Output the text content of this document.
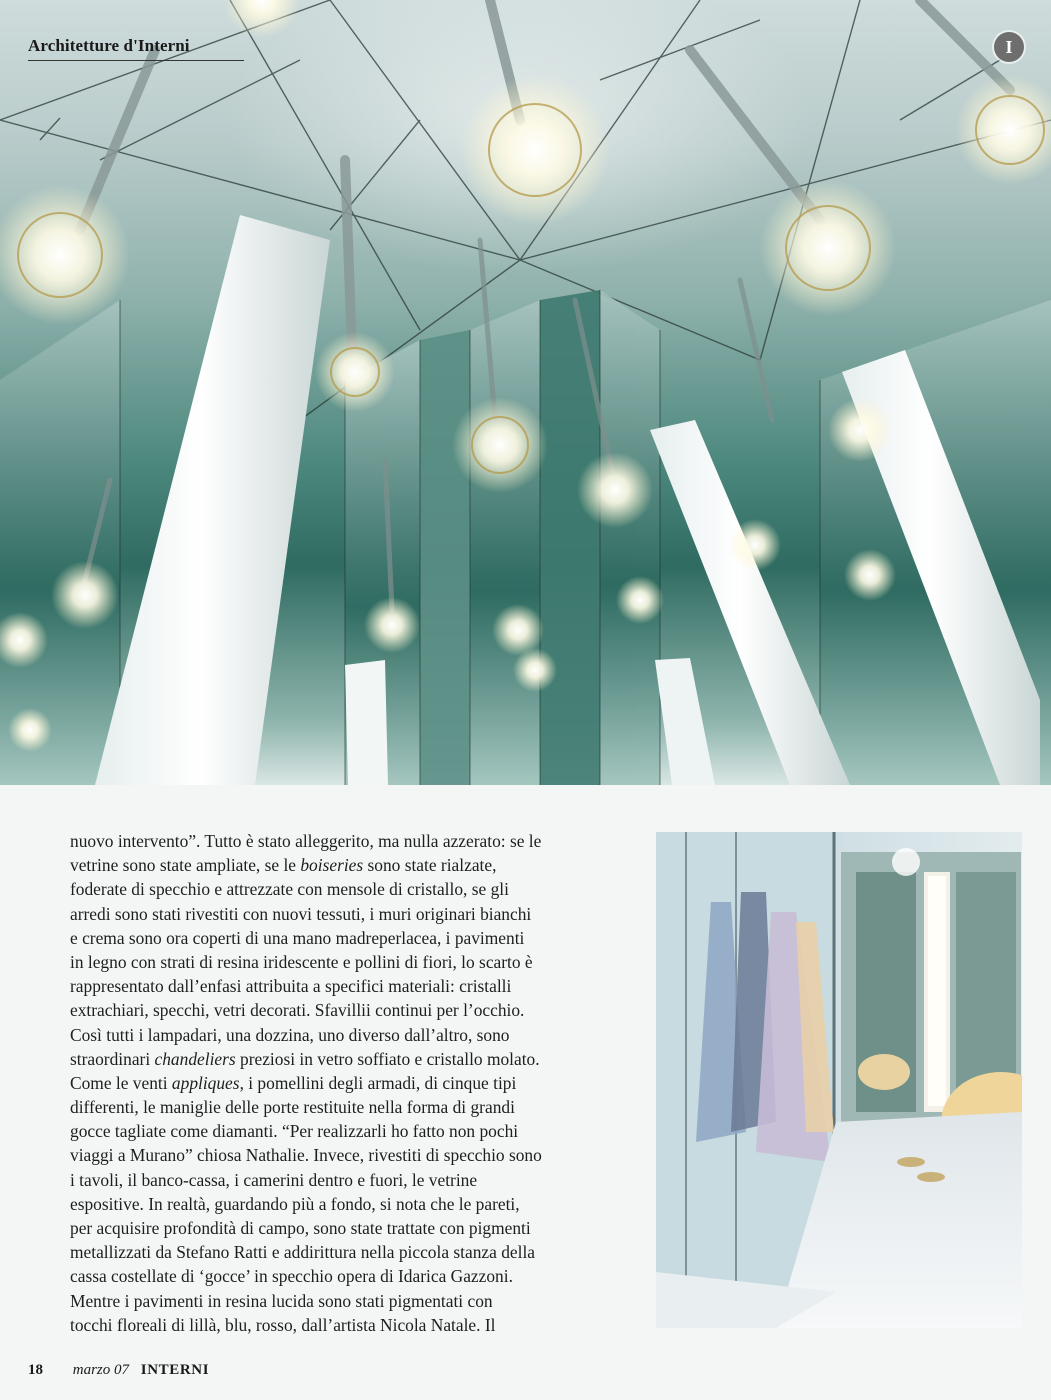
Architetture d'Interni	I
nuovo intervento”. Tutto è stato alleggerito, ma nulla azzerato: se le
vetrine sono state ampliate, se le boiseries sono state rialzate,
foderate di specchio e attrezzate con mensole di cristallo, se gli
arredi sono stati rivestiti con nuovi tessuti, i muri originari bianchi
e crema sono ora coperti di una mano madreperlacea, i pavimenti
in legno con strati di resina iridescente e pollini di fiori, lo scarto è
rappresentato dall’enfasi attribuita a specifici materiali: cristalli
extrachiari, specchi, vetri decorati. Sfavillii continui per l’occhio.
Così tutti i lampadari, una dozzina, uno diverso dall’altro, sono
straordinari chandeliers preziosi in vetro soffiato e cristallo molato.
Come le venti appliques, i pomellini degli armadi, di cinque tipi
differenti, le maniglie delle porte restituite nella forma di grandi
gocce tagliate come diamanti. “Per realizzarli ho fatto non pochi
viaggi a Murano” chiosa Nathalie. Invece, rivestiti di specchio sono
i tavoli, il banco-cassa, i camerini dentro e fuori, le vetrine
espositive. In realtà, guardando più a fondo, si nota che le pareti,
per acquisire profondità di campo, sono state trattate con pigmenti
metallizzati da Stefano Ratti e addirittura nella piccola stanza della
cassa costellate di ‘gocce’ in specchio opera di Idarica Gazzoni.
Mentre i pavimenti in resina lucida sono stati pigmentati con
tocchi floreali di lillà, blu, rosso, dall’artista Nicola Natale. Il
18 marzo 07 INTERNI
